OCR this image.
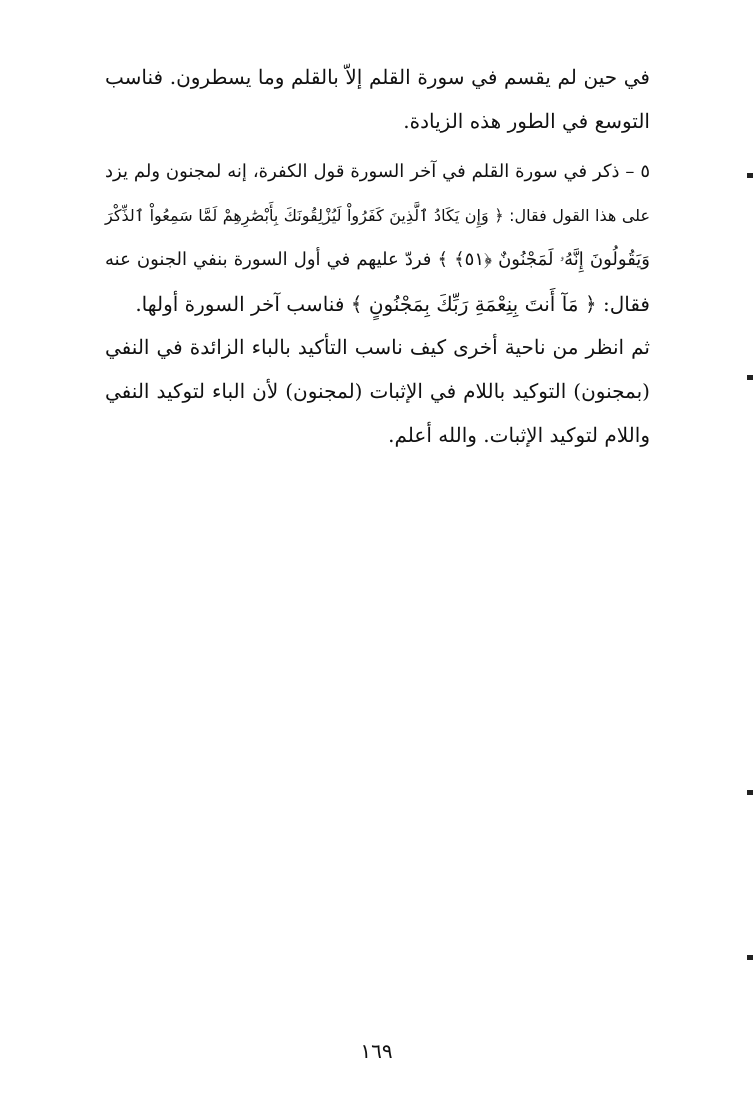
في حين لم يقسم في سورة القلم إلاّ بالقلم وما يسطرون. فناسب
التوسع في الطور هذه الزيادة.
٥ – ذكر في سورة القلم في آخر السورة قول الكفرة، إنه لمجنون ولم يزد
على هذا القول فقال: ﴿ وَإِن يَكَادُ ٱلَّذِينَ كَفَرُواْ لَيُزْلِقُونَكَ بِأَبْصَٰرِهِمْ لَمَّا سَمِعُواْ ٱلذِّكْرَ
وَيَقُولُونَ إِنَّهُۥ لَمَجْنُونٌ ﴿٥١﴾ ﴾ فردّ عليهم في أول السورة بنفي الجنون عنه
فقال: ﴿ مَآ أَنتَ بِنِعْمَةِ رَبِّكَ بِمَجْنُونٍ ﴾ فناسب آخر السورة أولها.
ثم انظر من ناحية أخرى كيف ناسب التأكيد بالباء الزائدة في النفي
(بمجنون) التوكيد باللام في الإثبات (لمجنون) لأن الباء لتوكيد النفي
واللام لتوكيد الإثبات. والله أعلم.
١٦٩
